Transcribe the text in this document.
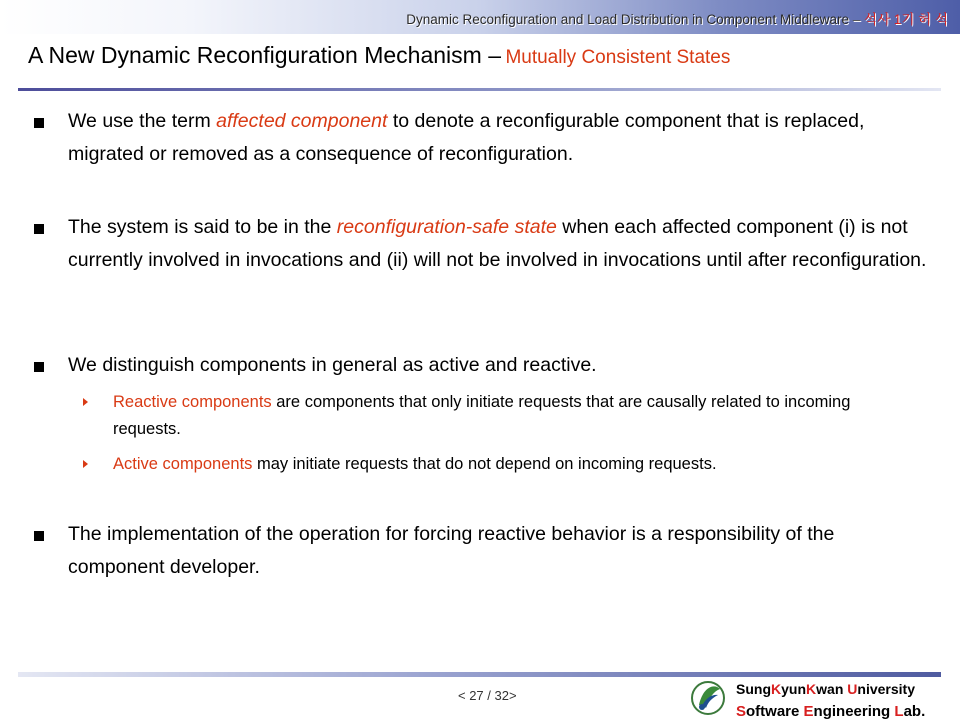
Dynamic Reconfiguration and Load Distribution in Component Middleware – 석사 1기 허 석
A New Dynamic Reconfiguration Mechanism – Mutually Consistent States
We use the term affected component to denote a reconfigurable component that is replaced, migrated or removed as a consequence of reconfiguration.
The system is said to be in the reconfiguration-safe state when each affected component (i) is not currently involved in invocations and (ii) will not be involved in invocations until after reconfiguration.
We distinguish components in general as active and reactive.
Reactive components are components that only initiate requests that are causally related to incoming requests.
Active components may initiate requests that do not depend on incoming requests.
The implementation of the operation for forcing reactive behavior is a responsibility of the component developer.
< 27 / 32>	SungKyunKwan University
Software Engineering Lab.
